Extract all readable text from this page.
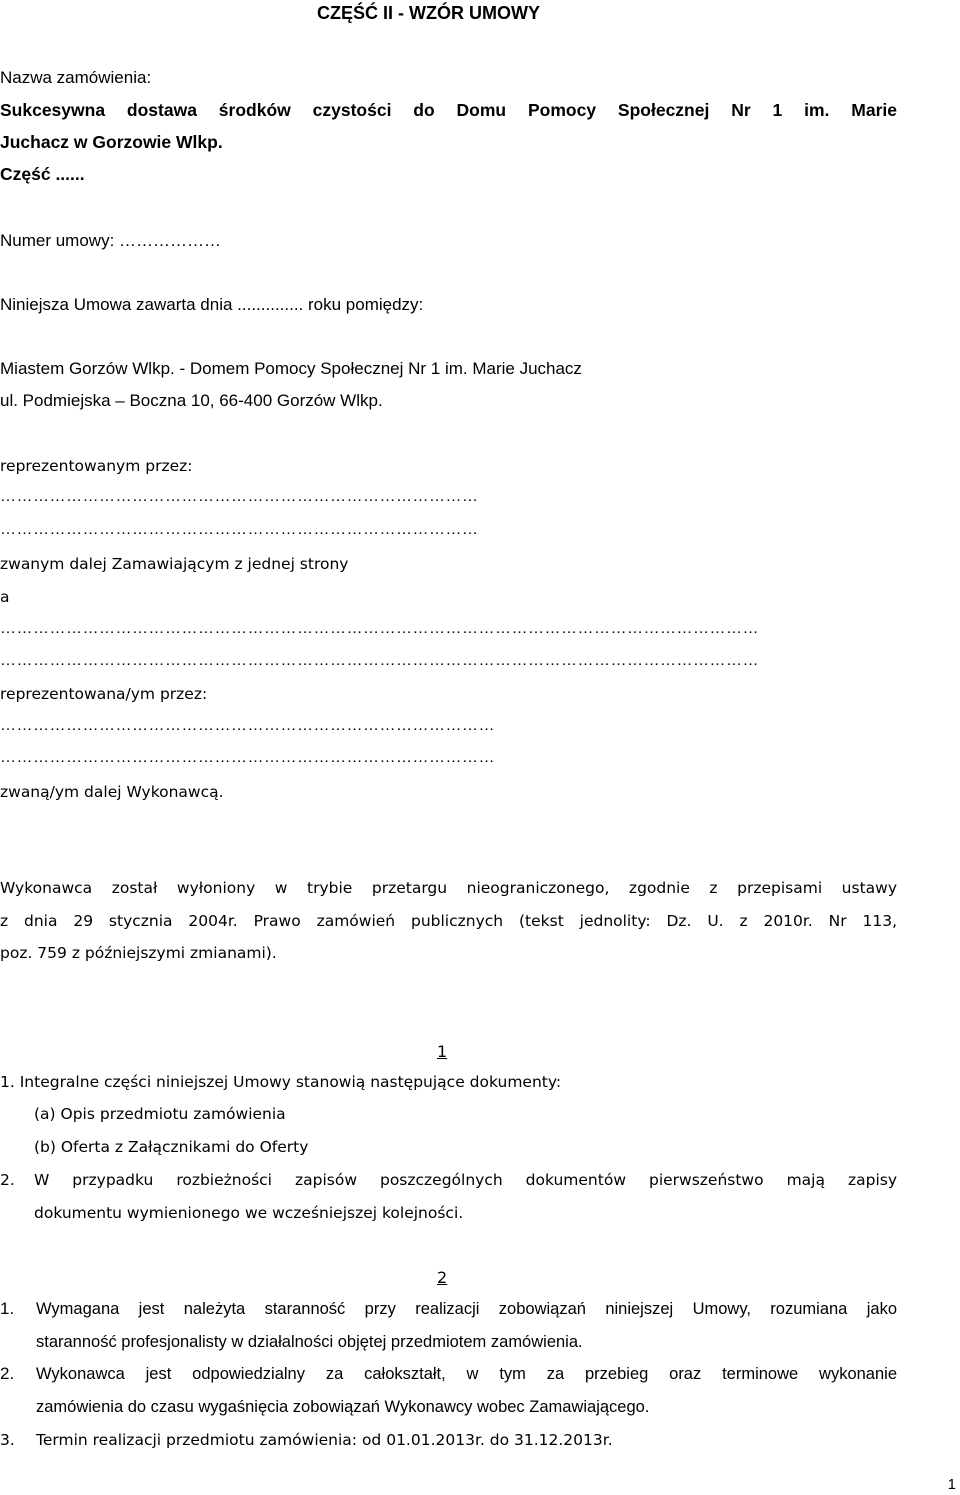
CZĘŚĆ II - WZÓR UMOWY
Nazwa zamówienia:
Sukcesywna dostawa środków czystości do Domu Pomocy Społecznej Nr 1 im. Marie
Juchacz w Gorzowie Wlkp.
Część ......
Numer umowy: ………………
Niniejsza Umowa zawarta dnia .............. roku pomiędzy:
Miastem Gorzów Wlkp. - Domem Pomocy Społecznej Nr 1 im. Marie Juchacz
ul. Podmiejska – Boczna 10, 66-400 Gorzów Wlkp.
reprezentowanym przez:
……………………………………………………………………………
……………………………………………………………………………
zwanym dalej Zamawiającym z jednej strony
a
…………………………………………………………………………………………………………………………
…………………………………………………………………………………………………………………………
reprezentowana/ym przez:
………………………………………………………………………………
………………………………………………………………………………
zwaną/ym dalej Wykonawcą.
Wykonawca został wyłoniony w trybie przetargu nieograniczonego, zgodnie z przepisami ustawy
z dnia 29 stycznia 2004r. Prawo zamówień publicznych (tekst jednolity: Dz. U. z 2010r. Nr 113,
poz. 759 z późniejszymi zmianami).
1
1. Integralne części niniejszej Umowy stanowią następujące dokumenty:
(a) Opis przedmiotu zamówienia
(b) Oferta z Załącznikami do Oferty
2. W przypadku rozbieżności zapisów poszczególnych dokumentów pierwszeństwo mają zapisy
dokumentu wymienionego we wcześniejszej kolejności.
2
1. Wymagana jest należyta staranność przy realizacji zobowiązań niniejszej Umowy, rozumiana jako
staranność profesjonalisty w działalności objętej przedmiotem zamówienia.
2. Wykonawca jest odpowiedzialny za całokształt, w tym za przebieg oraz terminowe wykonanie
zamówienia do czasu wygaśnięcia zobowiązań Wykonawcy wobec Zamawiającego.
3. Termin realizacji przedmiotu zamówienia: od 01.01.2013r. do 31.12.2013r.
1
